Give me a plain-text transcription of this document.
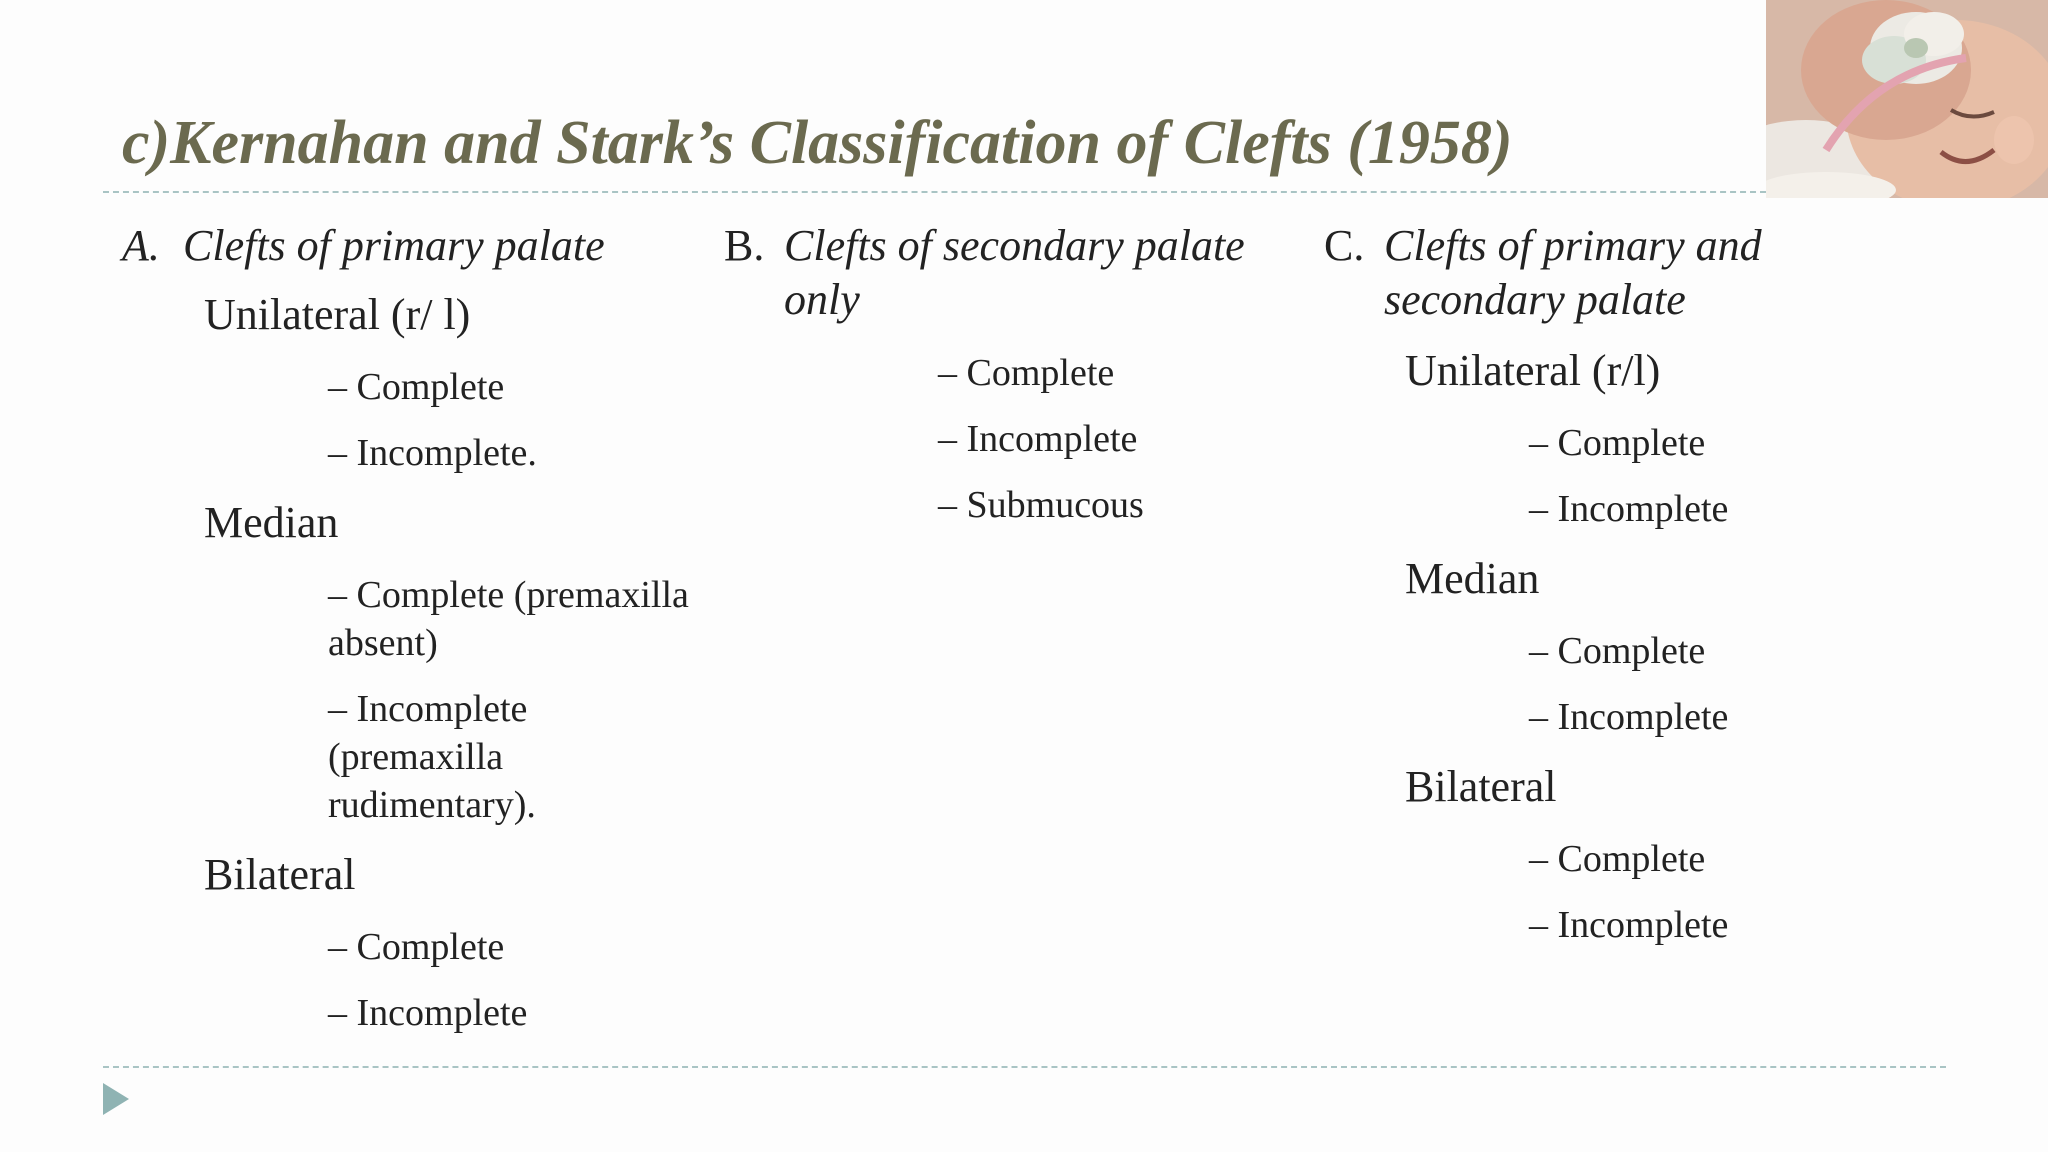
c)Kernahan and Stark’s Classification of Clefts (1958)
A. Clefts of primary palate
Unilateral (r/ l)
– Complete
– Incomplete.
Median
– Complete (premaxilla
absent)
– Incomplete
(premaxilla
rudimentary).
Bilateral
– Complete
– Incomplete
B. Clefts of secondary palate
only
– Complete
– Incomplete
– Submucous
C. Clefts of primary and
secondary palate
Unilateral (r/l)
– Complete
– Incomplete
Median
– Complete
– Incomplete
Bilateral
– Complete
– Incomplete
